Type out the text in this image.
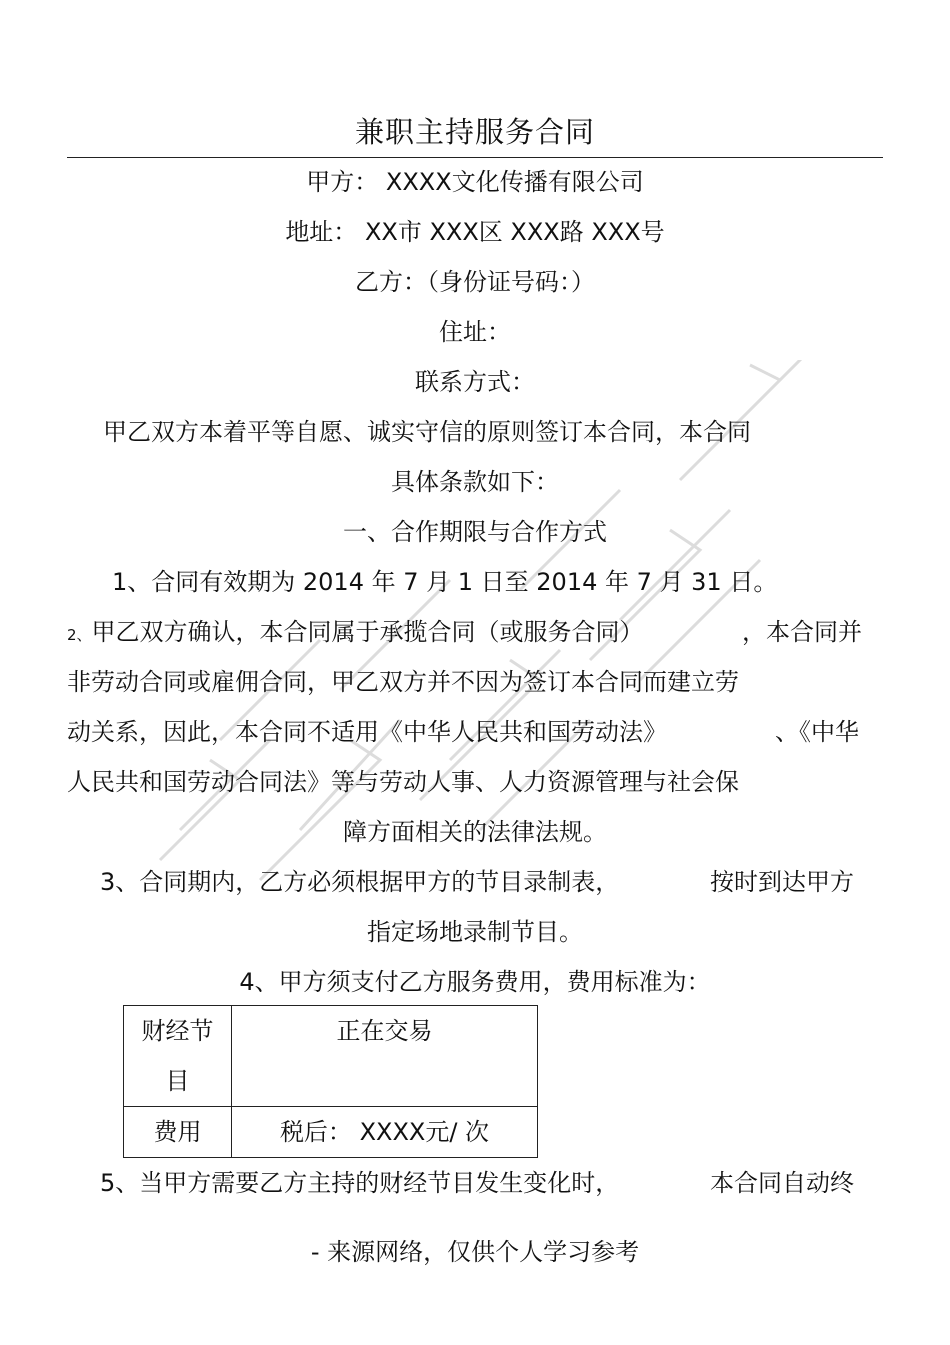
兼职主持服务合同
甲方： XXXX文化传播有限公司
地址： XX市 XXX区 XXX路 XXX号
乙方：（身份证号码：）
住址：
联系方式：
甲乙双方本着平等自愿、诚实守信的原则签订本合同，本合同
具体条款如下：
一、合作期限与合作方式
1、合同有效期为 2014 年 7 月 1 日至 2014 年 7 月 31 日。
2、甲乙双方确认，本合同属于承揽合同（或服务合同）	，本合同并
非劳动合同或雇佣合同，甲乙双方并不因为签订本合同而建立劳
动关系，因此，本合同不适用《中华人民共和国劳动法》	、《中华
人民共和国劳动合同法》等与劳动人事、人力资源管理与社会保
障方面相关的法律法规。
3、合同期内，乙方必须根据甲方的节目录制表，	按时到达甲方
指定场地录制节目。
4、甲方须支付乙方服务费用，费用标准为：
财经节
目	正在交易
费用	税后： XXXX元/ 次
5、当甲方需要乙方主持的财经节目发生变化时，	本合同自动终
- 来源网络，仅供个人学习参考
